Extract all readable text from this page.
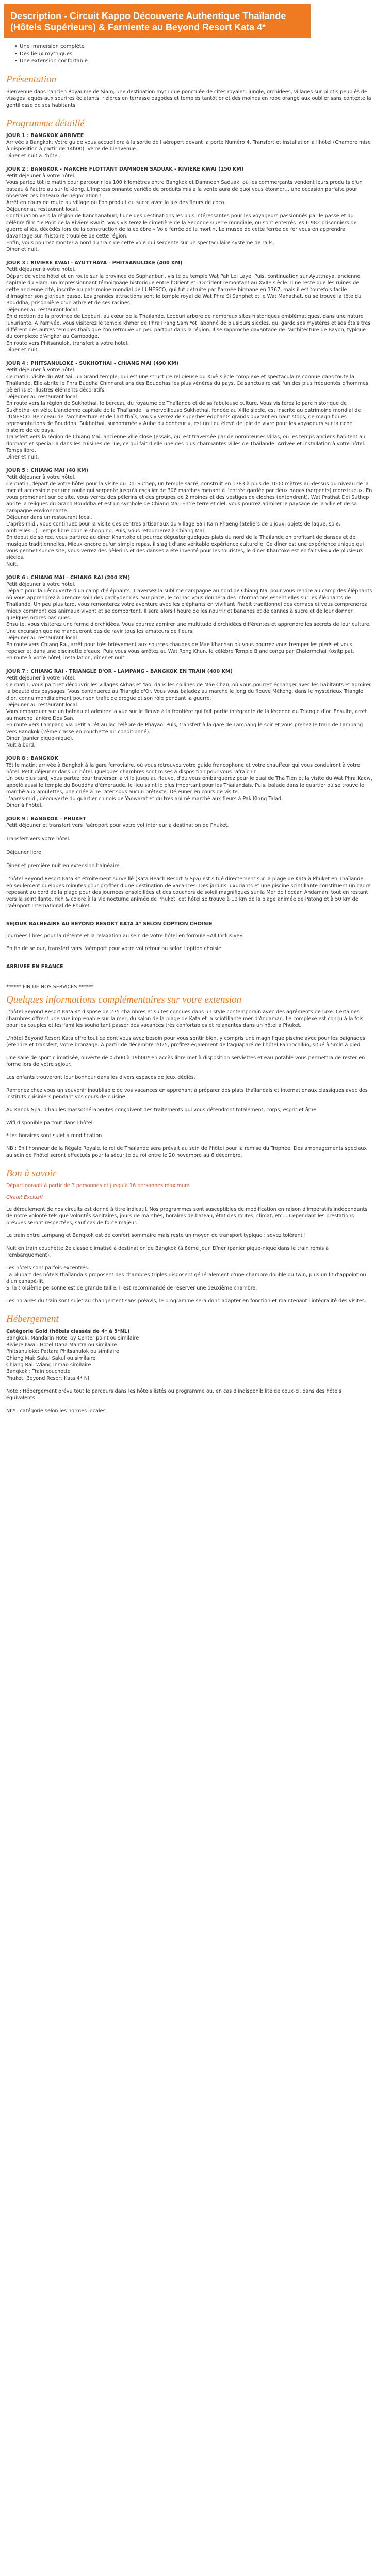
Description - Circuit Kappo Découverte Authentique Thaïlande (Hôtels Supérieurs) & Farniente au Beyond Resort Kata 4*
• Une immersion complète
• Des lieux mythiques
• Une extension confortable
Présentation

Bienvenue dans l'ancien Royaume de Siam, une destination mythique ponctuée de cités royales, jungle, orchidées, villages sur pilotis peuplés de visages laqués aux sourires éclatants, rizières en terrasse pagodes et temples tantôt or et des moines en robe orange aux oublier sans contexte la gentillesse de ses habitants.

Programme détaillé

JOUR 1 : BANGKOK ARRIVEE

Arrivée à Bangkok. Votre guide vous accueillera à la sortie de l'aéroport devant la porte Numéro 4. Transfert et installation à l'hôtel (Chambre mise à disposition à partir de 14h00). Verre de bienvenue.

Dîner et nuit à l'hôtel.

JOUR 2 : BANGKOK - MARCHE FLOTTANT DAMNOEN SADUAK - RIVIERE KWAI (150 KM)

Petit déjeuner à votre hôtel.

Vous partez tôt le matin pour parcourir les 100 kilomètres entre Bangkok et Damnoen Saduak, où les commerçants vendent leurs produits d'un bateau à l'autre au sur le klong. L'impressionnante variété de produits mis à la vente aura de quoi vous étonner… une occasion parfaite pour observer ces bateaux de négociation !

Arrêt en cours de route au village où l'on produit du sucre avec la jus des fleurs de coco.

Déjeuner au restaurant local.

Continuation vers la région de Kanchanaburi, l'une des destinations les plus intéressantes pour les voyageurs passionnés par le passé et du célèbre film "le Pont de la Rivière Kwai". Vous visiterez le cimetière de la Seconde Guerre mondiale, où sont enterrés les 6 982 prisonniers de guerre alliés, décédés lors de la construction de la célèbre « Voie ferrée de la mort ». Le musée de cette ferrée de fer vous en apprendra davantage sur l'histoire troublée de cette région.

Enfin, vous pourrez monter à bord du train de cette voie qui serpente sur un spectaculaire système de rails.

Dîner et nuit.

JOUR 3 : RIVIERE KWAI - AYUTTHAYA - PHITSANULOKE (400 KM)

Petit déjeuner à votre hôtel.

Départ de votre hôtel et en route sur la province de Suphanburi, visite du temple Wat Pah Lei Laye. Puis, continuation sur Ayutthaya, ancienne capitale du Siam, un impressionnant témoignage historique entre l'Orient et l'Occident remontant au XVIIe siècle. Il ne reste que les ruines de cette ancienne cité, inscrite au patrimoine mondial de l'UNESCO, qui fut détruite par l'armée birmane en 1767, mais il est toutefois facile d'imaginer son glorieux passé. Les grandes attractions sont le temple royal de Wat Phra Si Sanphet et le Wat Mahathat, où se trouve la tête du Bouddha, prisonnière d'un arbre et de ses racines.

Déjeuner au restaurant local.

En direction de la province de Lopburi, au cœur de la Thaïlande. Lopburi arbore de nombreux sites historiques emblématiques, dans une nature luxuriante. À l'arrivée, vous visiterez le temple khmer de Phra Prang Sam Yot, abonné de plusieurs siècles, qui garde ses mystères et ses étais très différent des autres temples thaïs que l'on retrouve un peu partout dans la région. Il se rapproche davantage de l'architecture de Bayon, typique du complexe d'Angkor au Cambodge.

En route vers Phitsanulok, transfert à votre hôtel.

Dîner et nuit.

JOUR 4 : PHITSANULOKE - SUKHOTHAI - CHIANG MAI (490 KM)

Petit déjeuner à votre hôtel.

Ce matin, visite du Wat Yai, un Grand temple, qui est une structure religieuse du XIVè siècle complexe et spectaculaire connue dans toute la Thaïlande. Elle abrite le Phra Buddha Chinnarat ans des Bouddhas les plus vénérés du pays. Ce sanctuaire est l'un des plus fréquentés d'hommes pèlerins et illustres éléments décoratifs.

Déjeuner au restaurant local.

En route vers la région de Sukhothai, le berceau du royaume de Thaïlande et de sa fabuleuse culture. Vous visiterez le parc historique de Sukhothai en vélo. L'ancienne capitale de la Thaïlande, la merveilleuse Sukhothai, fondée au XIIIe siècle, est inscrite au patrimoine mondial de l'UNESCO. Bercceau de l'architecture et de l'art thaïs, vous y verrez de superbes édphants grands ouvrant en haut stops, de magnifiques représentations de Bouddha. Sukhothai, surnommée « Aube du bonheur », est un lieu élevé de joie de vivre pour les voyageurs sur la riche histoire de ce pays.

Transfert vers la région de Chiang Mai, ancienne ville close (essais, qui est traversée par de nombreuses villas, où les temps anciens habitent au dormant et spécial la dans les cuisines de rue, ce qui fait d'elle une des plus charmantes villes de Thaïlande. Arrivée et installation à votre hôtel. Temps libre.

Dîner et nuit.

JOUR 5 : CHIANG MAI (40 KM)

Petit déjeuner à votre hôtel.

Ce matin, départ de votre hôtel pour la visite du Doi Suthep, un temple sacré, construit en 1383 à plus de 1000 mètres au-dessus du niveau de la mer et accessible par une route qui serpente jusqu'à escalier de 306 marches menant à l'entrée gardée par deux nagas (serpents) monstrueux. En vous promenant sur ce site, vous verrez des pèlerins et des groupes de 2 moines et des vestiges de cloches (entendrent). Wat Prathat Doi Suthep abrite la reliques du Grand Bouddha et est un symbole de Chiang Mai. Entre terre et ciel, vous pourrez admirer le paysage de la ville et de sa campagne environnante.

Déjeuner dans un restaurant local.

L'après-midi, vous continuez pour la visite des centres artisanaux du village San Kam Phaeng (ateliers de bijoux, objets de laque, soie, ombrelles…). Temps libre pour le shopping. Puis, vous retournerez à Chiang Mai.

En début de soirée, vous partirez au dîner Khantoke et pourrez déguster quelques plats du nord de la Thaïlande en profitant de danses et de musique traditionnelles. Mieux encore qu'un simple repas, il s'agit d'une véritable expérience culturelle. Ce dîner est une expérience unique qui vous permet sur ce site, vous verrez des pèlerins et des danses a été inventé pour les touristes, le dîner Khantoke est en fait vieux de plusieurs siècles.

Nuit.

JOUR 6 : CHIANG MAI - CHIANG RAI (200 KM)

Petit déjeuner à votre hôtel.

Départ pour la découverte d'un camp d'éléphants. Traversez la sublime campagne au nord de Chiang Mai pour vous rendre au camp des éléphants où vous apprendrez à prendre soin des pachydermes. Sur place, le cornac vous donnera des informations essentielles sur les éléphants de Thaïlande. Un peu plus tard, vous remonterez votre aventure avec les éléphants en vivifiant l'habit traditionnel des cornacs et vous comprendrez mieux comment ces animaux vivent et se comportent. Il sera alors l'heure de les nourrir et bananes et de cannes à sucre et de leur donner quelques ordres basiques.

Ensuite, vous visiterez une ferme d'orchidées. Vous pourrez admirer une multitude d'orchidées différentes et apprendre les secrets de leur culture. Une excursion que ne manqueront pas de ravir tous les amateurs de fleurs.

Déjeuner au restaurant local.

En route vers Chiang Rai, arrêt pour très brièvement aux sources chaudes de Mae Khachan où vous pourrez vous tremper les pieds et vous reposer et dans une piscinette d'eaux. Puis vous vous arrêtez au Wat Rong Khun, le célèbre Temple Blanc conçu par Chalermchai Kositpipat.

En route à votre hôtel, installation, dîner et nuit.

JOUR 7 : CHIANG RAI - TRIANGLE D'OR - LAMPANG - BANGKOK EN TRAIN (400 KM)

Petit déjeuner à votre hôtel.

Ce matin, vous partirez découvrir les villages Akhas et Yao, dans les collines de Mae Chan, où vous pourrez échanger avec les habitants et admirer la beauté des paysages. Vous continuerez au Triangle d'Or. Vous vous baladez au marché le long du fleuve Mékong, dans le mystérieux Triangle d'or, connu mondialement pour son trafic de drogue et son rôle pendant la guerre.

Déjeuner au restaurant local.

Vous embarquer sur un bateau et admirez la vue sur le fleuve à la frontière qui fait partie intégrante de la légende du Triangle d'or. Ensuite, arrêt au marché lanière Dos San.

En route vers Lampang via petit arrêt au lac célèbre de Phayao. Puis, transfert à la gare de Lampang le soir et vous prenez le train de Lampang vers Bangkok (2ème classe en couchette air conditionné).

Dîner (panier pique-nique).

Nuit à bord.

JOUR 8 : BANGKOK

Tôt le matin, arrivée à Bangkok à la gare ferroviaire, où vous retrouvez votre guide francophone et votre chauffeur qui vous conduiront à votre hôtel. Petit déjeuner dans un hôtel. Quelques chambres sont mises à disposition pour vous rafraîchir.

Un peu plus tard, vous partez pour traverser la ville jusqu'au fleuve, d'où vous embarquerez pour le quai de Tha Tien et la visite du Wat Phra Kaew, appelé aussi le temple du Bouddha d'émeraude, le lieu saint le plus important pour les Thaïlandais. Puis, balade dans le quartier où se trouve le marché aux amulettes, une criée à ne rater sous aucun prétexte. Déjeuner en cours de visite.

L'après-midi, découverte du quartier chinois de Yaowarat et du très animé marché aux fleurs à Pak Klong Talad.

Dîner à l'hôtel.

JOUR 9 : BANGKOK - PHUKET

Petit déjeuner et transfert vers l'aéroport pour votre vol intérieur à destination de Phuket.

Transfert vers votre hôtel.

Déjeuner libre.

Dîner et première nuit en extension balnéaire.

L'hôtel Beyond Resort Kata 4* étroitement surveillé (Kata Beach Resort & Spa) est situé directement sur la plage de Kata à Phuket en Thaïlande, en seulement quelques minutes pour profiter d'une destination de vacances. Des jardins luxuriants et une piscine scintillante constituent un cadre reposant au bord de la plage pour des journées ensoleillées et des couchers de soleil magnifiques sur la Mer de l'océan Andaman, tout en restant vers la scintillante, rich & coloré à la vie nocturne animée de Phuket, cet hôtel se trouve à 10 km de la plage animée de Patong et à 50 km de l'aéroport International de Phuket.

SEJOUR BALNEAIRE AU BEYOND RESORT KATA 4* SELON COPTION CHOISIE

Journées libres pour la détente et la relaxation au sein de votre hôtel en formule «All Inclusive».

En fin de séjour, transfert vers l'aéroport pour votre vol retour ou selon l'option choisie.

ARRIVEE EN FRANCE

****** FIN DE NOS SERVICES ******

Quelques informations complémentaires sur votre extension

L'hôtel Beyond Resort Kata 4* dispose de 275 chambres et suites conçues dans un style contemporain avec des agréments de luxe. Certaines chambres offrent une vue imprenable sur la mer, du salon de la plage de Kata et la scintillante mer d'Andaman. Le complexe est conçu à la fois pour les couples et les familles souhaitant passer des vacances très confortables et relaxantes dans un hôtel à Phuket.

L'hôtel Beyond Resort Kata offre tout ce dont vous avez besoin pour vous sentir bien, y compris une magnifique piscine avec pour les baignades (étendre et transfert, votre bronzage. À partir de décembre 2025, profitez également de l'aquaparé de l'hôtel Pannochiluo, situé à 5min à pied.

Une salle de sport climatisée, ouverte de 07h00 à 19h00* en accès libre met à disposition serviettes et eau potable vous permettra de rester en forme lors de votre séjour.

Les enfants trouveront leur bonheur dans les divers espaces de jeux dédiés.

Ramenez chez vous un souvenir inoubliable de vos vacances en apprenant à préparer des plats thaïlandais et internationaux classiques avec des instituts cuisiniers pendant vos cours de cuisine.

Au Kanok Spa, d'habiles massothérapeutes conçoivent des traitements qui vous détendront totalement, corps, esprit et âme.

Wifi disponible partout dans l'hôtel.

* les horaires sont sujet à modification

NB : En l'honneur de la Régale Royale, le roi de Thaïlande sera prévait au sein de l'hôtel pour la remise du Trophée. Des aménagements spéciaux au sein de l'hôtel seront effectués pour la sécurité du roi entre le 20 novembre au 6 décembre.

Bon à savoir

Départ garanti à partir de 3 personnes et jusqu'à 16 personnes maximum

Circuit Exclusif

Le déroulement de nos circuits est donné à titre indicatif. Nos programmes sont susceptibles de modification en raison d'impératifs indépendants de notre volonté tels que volontés sanitaires, jours de marchés, horaires de bateau, état des routes, climat, etc… Cependant les prestations prévues seront respectées, sauf cas de force majeur.

Le train entre Lampang et Bangkok est de confort sommaire mais reste un moyen de transport typique : soyez tolérant !

Nuit en train couchette 2e classe climatisé à destination de Bangkok (à 8ème jour. Dîner (panier pique-nique dans le train remis à l'embarquement).

Les hôtels sont parfois excentrés.

La plupart des hôtels thaïlandais proposent des chambres triples disposent généralement d'une chambre double ou twin, plus un lit d'appoint ou d'un canapé-lit.

Si la troisième personne est de grande taille, il est recommandé de réserver une deuxième chambre.

Les horaires du train sont sujet au changement sans préavis, le programme sera donc adapter en fonction et maintenant l'intégralité des visites.

Hébergement

Catégorie Gold (hôtels classés de 4* à 5*NL)

Bangkok: Mandarin Hotel by Center point ou similaire

Riviere Kwai: Hotel Dana Mantra ou similaire

Phitsanuloke: Pattara Phitsanulok ou similaire

Chiang Mai: Sakul Sakul ou similaire

Chiang Rai: Wiang Inmao similaire

Bangkok : Train couchette

Phuket: Beyond Resort Kata 4* NI

Note : Hébergement prévu tout le parcours dans les hôtels listés ou programme ou, en cas d'indisponibilité de ceux-ci, dans des hôtels équivalents.

NL* : catégorie selon les normes locales
